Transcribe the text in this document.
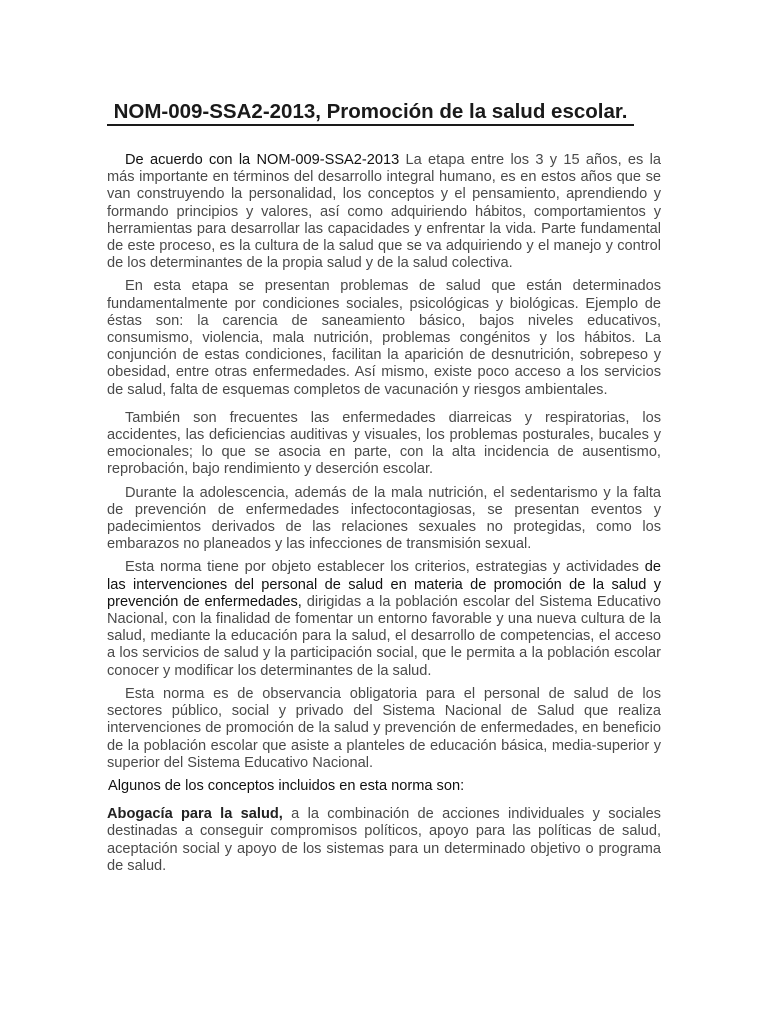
NOM-009-SSA2-2013, Promoción de la salud escolar.

De acuerdo con la NOM-009-SSA2-2013 La etapa entre los 3 y 15 años, es la más importante en términos del desarrollo integral humano, es en estos años que se van construyendo la personalidad, los conceptos y el pensamiento, aprendiendo y formando principios y valores, así como adquiriendo hábitos, comportamientos y herramientas para desarrollar las capacidades y enfrentar la vida. Parte fundamental de este proceso, es la cultura de la salud que se va adquiriendo y el manejo y control de los determinantes de la propia salud y de la salud colectiva.

En esta etapa se presentan problemas de salud que están determinados fundamentalmente por condiciones sociales, psicológicas y biológicas. Ejemplo de éstas son: la carencia de saneamiento básico, bajos niveles educativos, consumismo, violencia, mala nutrición, problemas congénitos y los hábitos. La conjunción de estas condiciones, facilitan la aparición de desnutrición, sobrepeso y obesidad, entre otras enfermedades. Así mismo, existe poco acceso a los servicios de salud, falta de esquemas completos de vacunación y riesgos ambientales.

También son frecuentes las enfermedades diarreicas y respiratorias, los accidentes, las deficiencias auditivas y visuales, los problemas posturales, bucales y emocionales; lo que se asocia en parte, con la alta incidencia de ausentismo, reprobación, bajo rendimiento y deserción escolar.

Durante la adolescencia, además de la mala nutrición, el sedentarismo y la falta de prevención de enfermedades infectocontagiosas, se presentan eventos y padecimientos derivados de las relaciones sexuales no protegidas, como los embarazos no planeados y las infecciones de transmisión sexual.

Esta norma tiene por objeto establecer los criterios, estrategias y actividades de las intervenciones del personal de salud en materia de promoción de la salud y prevención de enfermedades, dirigidas a la población escolar del Sistema Educativo Nacional, con la finalidad de fomentar un entorno favorable y una nueva cultura de la salud, mediante la educación para la salud, el desarrollo de competencias, el acceso a los servicios de salud y la participación social, que le permita a la población escolar conocer y modificar los determinantes de la salud.

Esta norma es de observancia obligatoria para el personal de salud de los sectores público, social y privado del Sistema Nacional de Salud que realiza intervenciones de promoción de la salud y prevención de enfermedades, en beneficio de la población escolar que asiste a planteles de educación básica, media-superior y superior del Sistema Educativo Nacional.

Algunos de los conceptos incluidos en esta norma son:

Abogacía para la salud, a la combinación de acciones individuales y sociales destinadas a conseguir compromisos políticos, apoyo para las políticas de salud, aceptación social y apoyo de los sistemas para un determinado objetivo o programa de salud.
